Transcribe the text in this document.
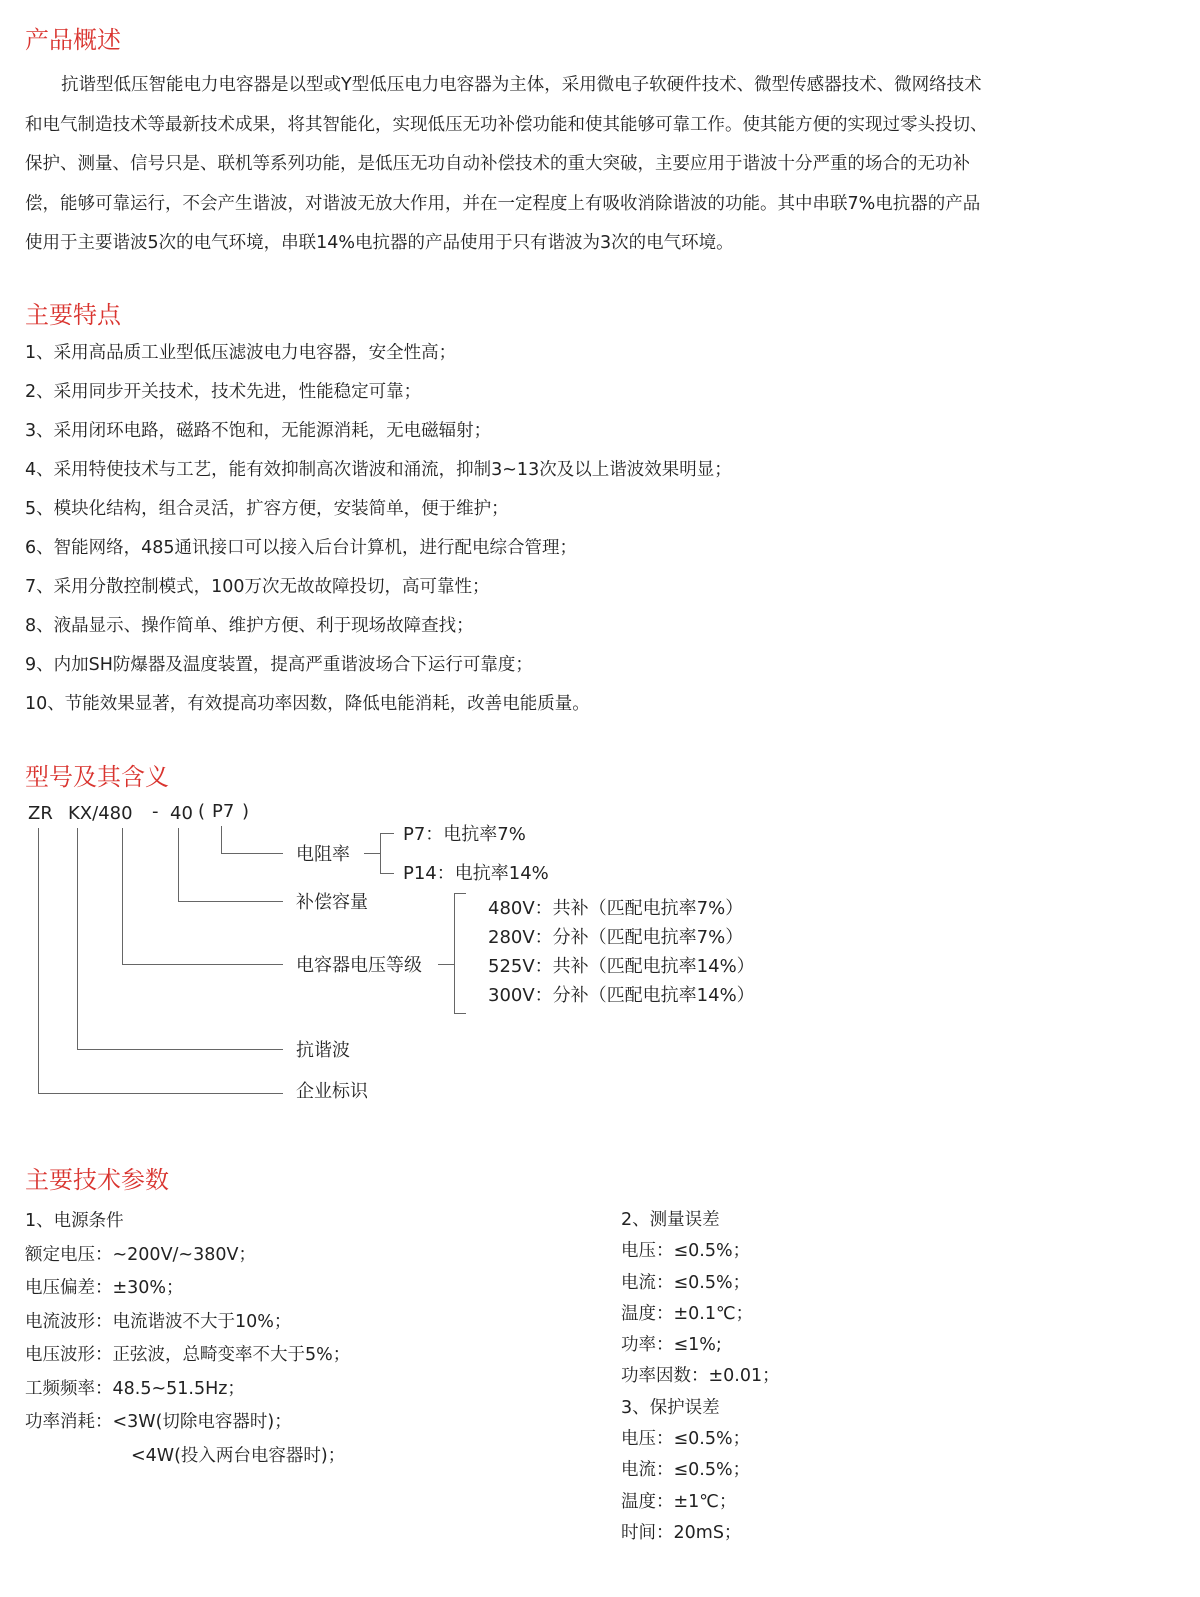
产品概述
抗谐型低压智能电力电容器是以型或Y型低压电力电容器为主体，采用微电子软硬件技术、微型传感器技术、微网络技术
和电气制造技术等最新技术成果，将其智能化，实现低压无功补偿功能和使其能够可靠工作。使其能方便的实现过零头投切、
保护、测量、信号只是、联机等系列功能，是低压无功自动补偿技术的重大突破，主要应用于谐波十分严重的场合的无功补
偿，能够可靠运行，不会产生谐波，对谐波无放大作用，并在一定程度上有吸收消除谐波的功能。其中串联7%电抗器的产品
使用于主要谐波5次的电气环境，串联14%电抗器的产品使用于只有谐波为3次的电气环境。
主要特点
1、采用高品质工业型低压滤波电力电容器，安全性高；
2、采用同步开关技术，技术先进，性能稳定可靠；
3、采用闭环电路，磁路不饱和，无能源消耗，无电磁辐射；
4、采用特使技术与工艺，能有效抑制高次谐波和涌流，抑制3~13次及以上谐波效果明显；
5、模块化结构，组合灵活，扩容方便，安装简单，便于维护；
6、智能网络，485通讯接口可以接入后台计算机，进行配电综合管理；
7、采用分散控制模式，100万次无故故障投切，高可靠性；
8、液晶显示、操作简单、维护方便、利于现场故障查找；
9、内加SH防爆器及温度装置，提高严重谐波场合下运行可靠度；
10、节能效果显著，有效提高功率因数，降低电能消耗，改善电能质量。
型号及其含义
ZR KX/480 - 40 ( P7 )
电阻率
补偿容量
电容器电压等级
抗谐波
企业标识
P7：电抗率7%
P14：电抗率14%
480V：共补（匹配电抗率7%）
280V：分补（匹配电抗率7%）
525V：共补（匹配电抗率14%）
300V：分补（匹配电抗率14%）
主要技术参数
1、电源条件
额定电压：~200V/~380V；
电压偏差：±30%；
电流波形：电流谐波不大于10%；
电压波形：正弦波，总畸变率不大于5%；
工频频率：48.5~51.5Hz；
功率消耗：<3W(切除电容器时)；
<4W(投入两台电容器时)；
2、测量误差
电压：≤0.5%；
电流：≤0.5%；
温度：±0.1℃；
功率：≤1%;
功率因数：±0.01；
3、保护误差
电压：≤0.5%；
电流：≤0.5%；
温度：±1℃；
时间：20mS；
